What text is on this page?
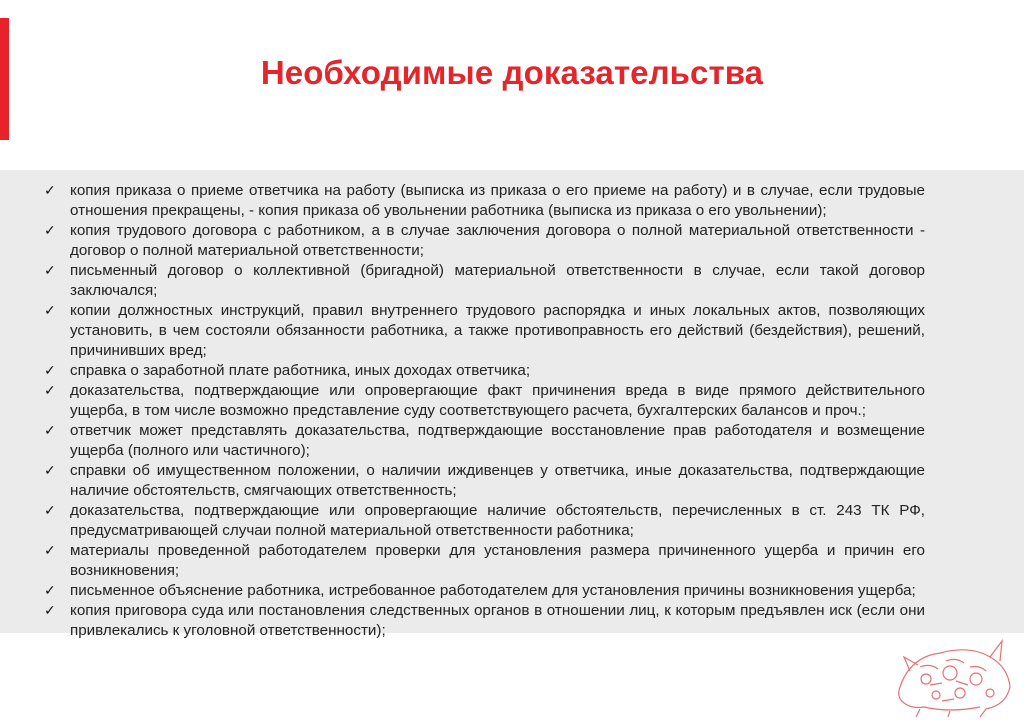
Необходимые доказательства
✓ копия приказа о приеме ответчика на работу (выписка из приказа о его приеме на работу) и в случае, если трудовые отношения прекращены, - копия приказа об увольнении работника (выписка из приказа о его увольнении);
✓ копия трудового договора с работником, а в случае заключения договора о полной материальной ответственности - договор о полной материальной ответственности;
✓ письменный договор о коллективной (бригадной) материальной ответственности в случае, если такой договор заключался;
✓ копии должностных инструкций, правил внутреннего трудового распорядка и иных локальных актов, позволяющих установить, в чем состояли обязанности работника, а также противоправность его действий (бездействия), решений, причинивших вред;
✓ справка о заработной плате работника, иных доходах ответчика;
✓ доказательства, подтверждающие или опровергающие факт причинения вреда в виде прямого действительного ущерба, в том числе возможно представление суду соответствующего расчета, бухгалтерских балансов и проч.;
✓ ответчик может представлять доказательства, подтверждающие восстановление прав работодателя и возмещение ущерба (полного или частичного);
✓ справки об имущественном положении, о наличии иждивенцев у ответчика, иные доказательства, подтверждающие наличие обстоятельств, смягчающих ответственность;
✓ доказательства, подтверждающие или опровергающие наличие обстоятельств, перечисленных в ст. 243 ТК РФ, предусматривающей случаи полной материальной ответственности работника;
✓ материалы проведенной работодателем проверки для установления размера причиненного ущерба и причин его возникновения;
✓ письменное объяснение работника, истребованное работодателем для установления причины возникновения ущерба;
✓ копия приговора суда или постановления следственных органов в отношении лиц, к которым предъявлен иск (если они привлекались к уголовной ответственности);
